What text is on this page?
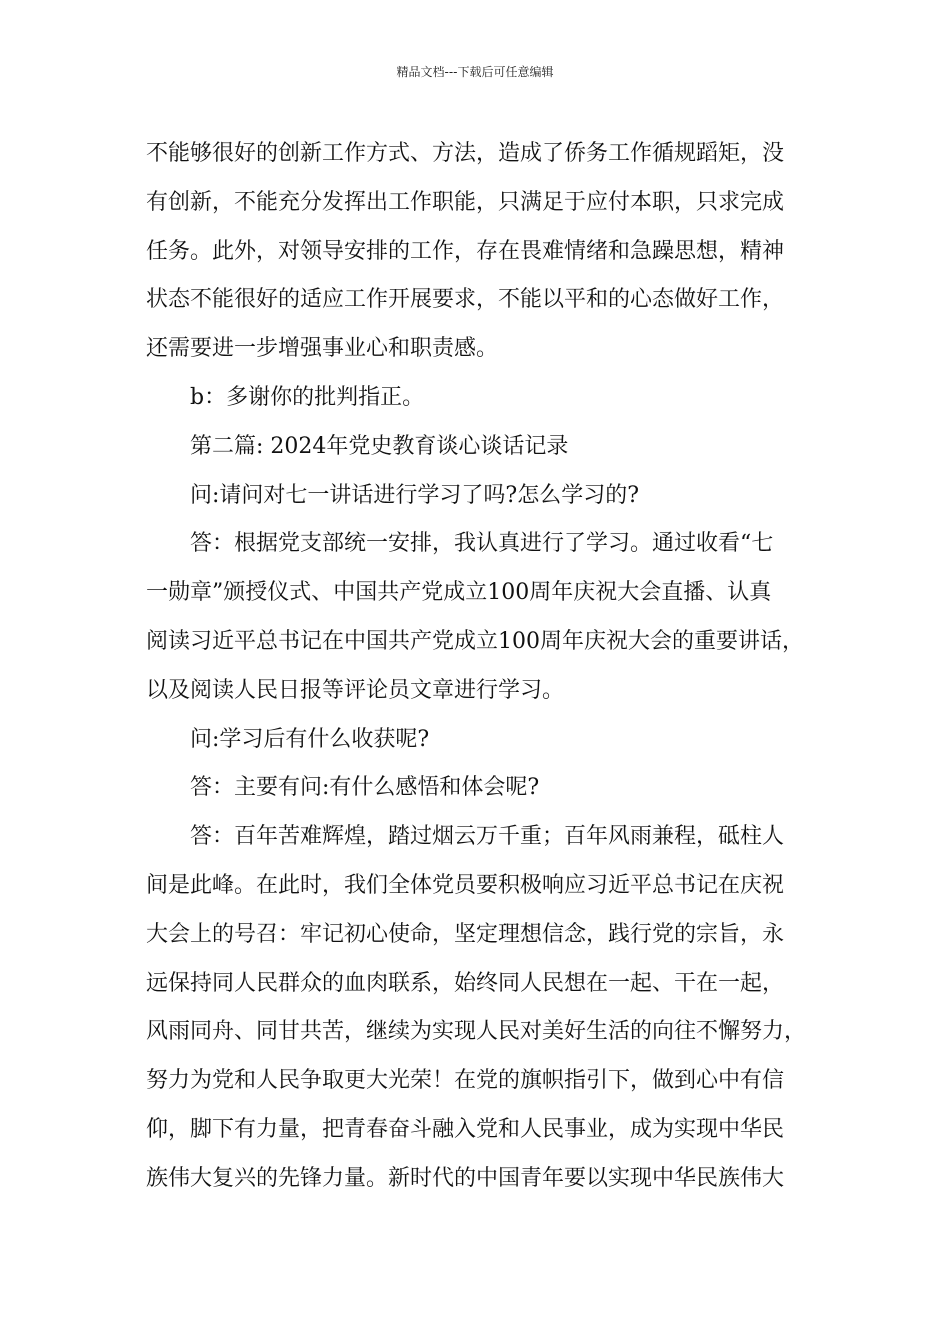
精品文档---下载后可任意编辑
不能够很好的创新工作方式、方法，造成了侨务工作循规蹈矩，没
有创新，不能充分发挥出工作职能，只满足于应付本职，只求完成
任务。此外，对领导安排的工作，存在畏难情绪和急躁思想，精神
状态不能很好的适应工作开展要求，不能以平和的心态做好工作，
还需要进一步增强事业心和职责感。
b：多谢你的批判指正。
第二篇: 2024年党史教育谈心谈话记录
问:请问对七一讲话进行学习了吗?怎么学习的?
答：根据党支部统一安排，我认真进行了学习。通过收看“七
一勋章”颁授仪式、中国共产党成立100周年庆祝大会直播、认真
阅读习近平总书记在中国共产党成立100周年庆祝大会的重要讲话，
以及阅读人民日报等评论员文章进行学习。
问:学习后有什么收获呢?
答：主要有问:有什么感悟和体会呢?
答：百年苦难辉煌，踏过烟云万千重；百年风雨兼程，砥柱人
间是此峰。在此时，我们全体党员要积极响应习近平总书记在庆祝
大会上的号召：牢记初心使命，坚定理想信念，践行党的宗旨，永
远保持同人民群众的血肉联系，始终同人民想在一起、干在一起，
风雨同舟、同甘共苦，继续为实现人民对美好生活的向往不懈努力，
努力为党和人民争取更大光荣！在党的旗帜指引下，做到心中有信
仰，脚下有力量，把青春奋斗融入党和人民事业，成为实现中华民
族伟大复兴的先锋力量。新时代的中国青年要以实现中华民族伟大
